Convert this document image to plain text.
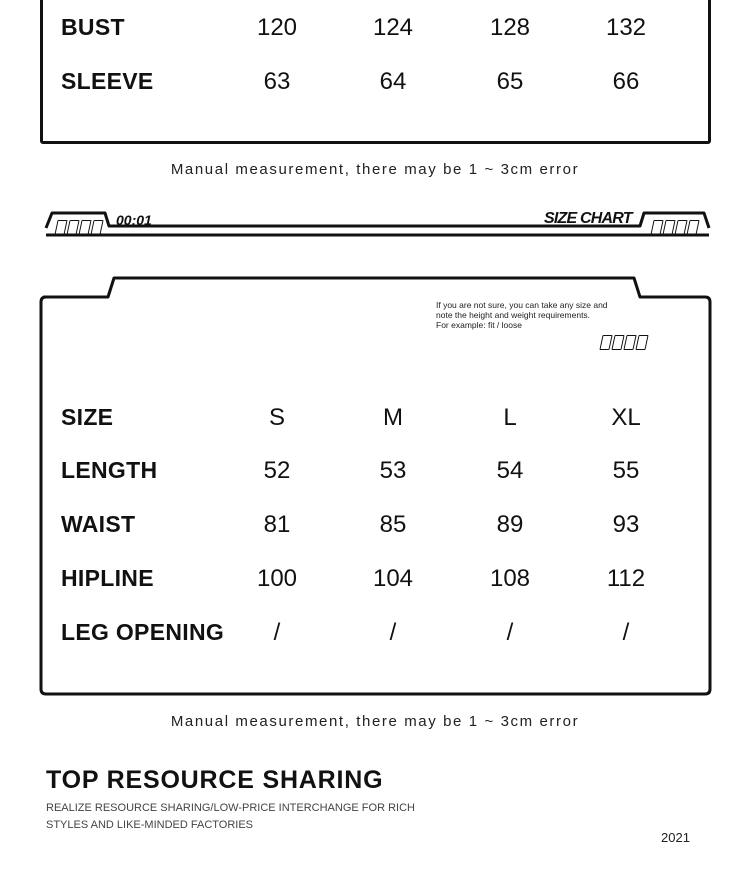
BUST	120	124	128	132
SLEEVE	63	64	65	66
Manual measurement, there may be 1 ~ 3cm error
00:01	SIZE CHART
If you are not sure, you can take any size and
note the height and weight requirements.
For example: fit / loose
SIZE	S	M	L	XL
LENGTH	52	53	54	55
WAIST	81	85	89	93
HIPLINE	100	104	108	112
LEG OPENING	/	/	/	/
Manual measurement, there may be 1 ~ 3cm error
TOP RESOURCE SHARING
REALIZE RESOURCE SHARING/LOW-PRICE INTERCHANGE FOR RICH
STYLES AND LIKE-MINDED FACTORIES
2021
